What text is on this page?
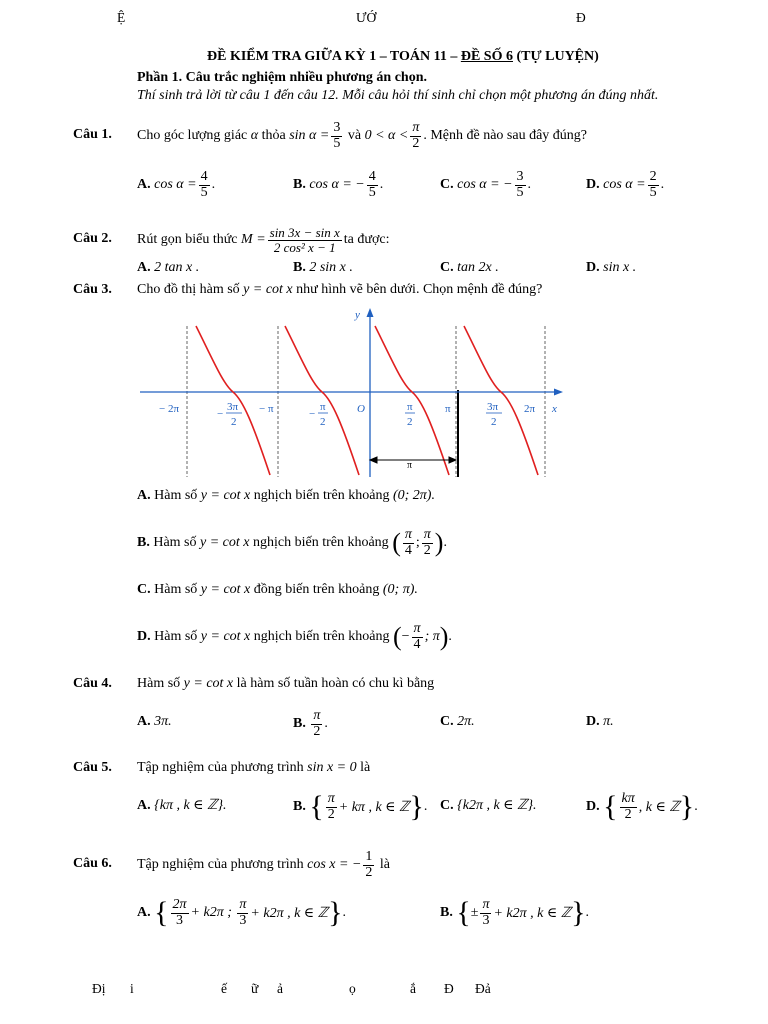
Ệ	ƯỚ	Đ
ĐỀ KIỂM TRA GIỮA KỲ 1 – TOÁN 11 – ĐỀ SỐ 6 (TỰ LUYỆN)
Phần 1. Câu trắc nghiệm nhiều phương án chọn.
Thí sinh trả lời từ câu 1 đến câu 12. Mỗi câu hỏi thí sinh chỉ chọn một phương án đúng nhất.
Câu 1. Cho góc lượng giác
α
thỏa
$\sin \alpha = \frac{3}{5}$
và
$0 < \alpha < \frac{\pi}{2}$ . Mệnh đề nào sau đây đúng?
A.
$\cos \alpha = \frac{4}{5}$ .	B.
cos α = − $\frac{4}{5}$ .	C.
cos α = − $\frac{3}{5}$ .	D.
$\cos \alpha = \frac{2}{5}$ .
Câu 2. Rút gọn biểu thức
$M = \frac{\text{sin 3x − sin x}}{\text{2 cos² x − 1}}$ ta được:
A. 2 tan x .	B. 2 sin x .	C. tan 2x .	D. sin x .
Câu 3. Cho đồ thị hàm số y = cot x như hình vẽ bên dưới. Chọn mệnh đề đúng?
y
x
O
− 2π	− π	π	2π
−
3π
2
−
π
2
π
2
3π
2
π
A.
Hàm số
y = cot x
nghịch biến trên khoảng
(0; 2π).
B.
Hàm số
y = cot x
nghịch biến trên khoảng
( $\frac{\pi}{4}$ ; $\frac{\pi}{2}$ ) .
C.
Hàm số
y = cot x
đồng biến trên khoảng
(0; π).
D.
Hàm số
y = cot x
nghịch biến trên khoảng
( − $\frac{\pi}{4}$ ; π ) .
Câu 4. Hàm số y = cot x là hàm số tuần hoàn có chu kì bằng
A. 3π.	B.
$\frac{\pi}{2}$ .	C. 2π.	D. π.
Câu 5. Tập nghiệm của phương trình sin x = 0 là
A. {kπ , k ∈ ℤ}.	B.
{ $\frac{\pi}{2} + k\pi$ , k ∈ ℤ } . C. {k2π , k ∈ ℤ}.	D.
{ $\frac{k\pi}{2}$ , k ∈ ℤ } .
Câu 6. Tập nghiệm của phương trình
cos x = − $\frac{1}{2}$
là
A.
{ $\frac{2\pi}{3} + k2\pi$ ;
$\frac{\pi}{3} + k2\pi$ , k ∈ ℤ } .	B.
{ ± $\frac{\pi}{3} + k2\pi$ , k ∈ ℤ } .
Đị i	ế ữ ả	ọ	ắ Đ Đả
